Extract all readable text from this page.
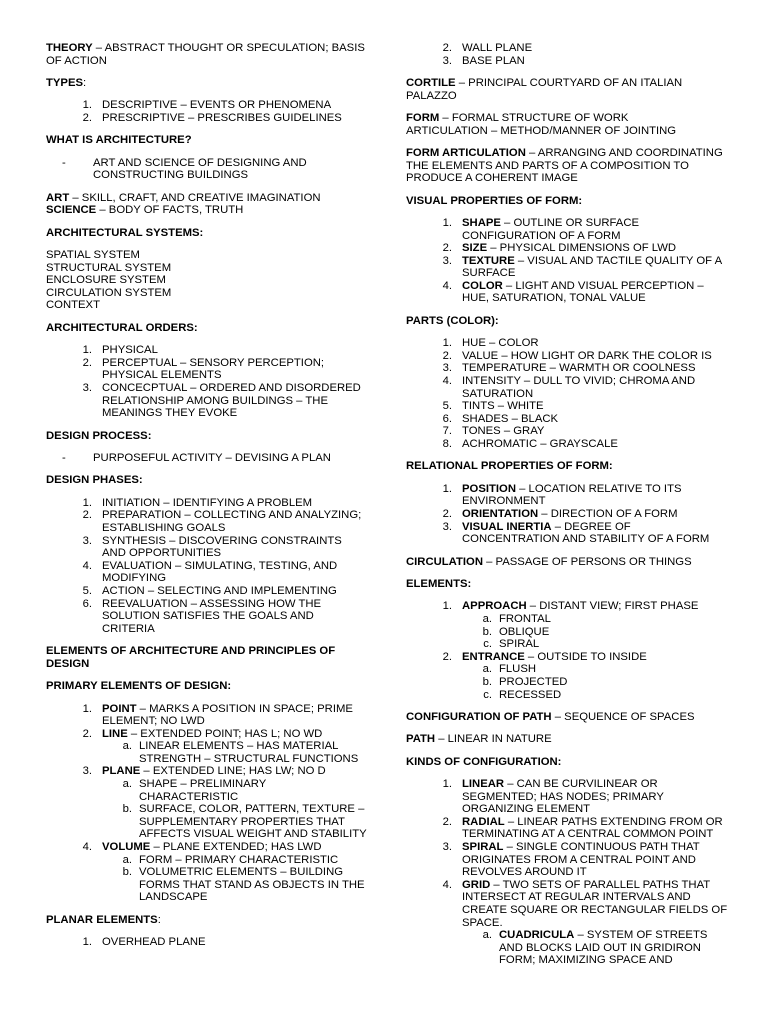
THEORY – ABSTRACT THOUGHT OR SPECULATION; BASIS OF ACTION

TYPES:

1. DESCRIPTIVE – EVENTS OR PHENOMENA
2. PRESCRIPTIVE – PRESCRIBES GUIDELINES

WHAT IS ARCHITECTURE?

-	ART AND SCIENCE OF DESIGNING AND CONSTRUCTING BUILDINGS

ART – SKILL, CRAFT, AND CREATIVE IMAGINATION

SCIENCE – BODY OF FACTS, TRUTH

ARCHITECTURAL SYSTEMS:

SPATIAL SYSTEM
STRUCTURAL SYSTEM
ENCLOSURE SYSTEM
CIRCULATION SYSTEM
CONTEXT

ARCHITECTURAL ORDERS:

1. PHYSICAL
2. PERCEPTUAL – SENSORY PERCEPTION; PHYSICAL ELEMENTS
3. CONCECPTUAL – ORDERED AND DISORDERED RELATIONSHIP AMONG BUILDINGS – THE MEANINGS THEY EVOKE

DESIGN PROCESS:

-	PURPOSEFUL ACTIVITY – DEVISING A PLAN

DESIGN PHASES:

1. INITIATION – IDENTIFYING A PROBLEM
2. PREPARATION – COLLECTING AND ANALYZING; ESTABLISHING GOALS
3. SYNTHESIS – DISCOVERING CONSTRAINTS AND OPPORTUNITIES
4. EVALUATION – SIMULATING, TESTING, AND MODIFYING
5. ACTION – SELECTING AND IMPLEMENTING
6. REEVALUATION – ASSESSING HOW THE SOLUTION SATISFIES THE GOALS AND CRITERIA

ELEMENTS OF ARCHITECTURE AND PRINCIPLES OF DESIGN

PRIMARY ELEMENTS OF DESIGN:

1. POINT – MARKS A POSITION IN SPACE; PRIME ELEMENT; NO LWD
2. LINE – EXTENDED POINT; HAS L; NO WD
a. LINEAR ELEMENTS – HAS MATERIAL STRENGTH – STRUCTURAL FUNCTIONS
3. PLANE – EXTENDED LINE; HAS LW; NO D
a. SHAPE – PRELIMINARY CHARACTERISTIC
b. SURFACE, COLOR, PATTERN, TEXTURE – SUPPLEMENTARY PROPERTIES THAT AFFECTS VISUAL WEIGHT AND STABILITY
4. VOLUME – PLANE EXTENDED; HAS LWD
a. FORM – PRIMARY CHARACTERISTIC
b. VOLUMETRIC ELEMENTS – BUILDING FORMS THAT STAND AS OBJECTS IN THE LANDSCAPE

PLANAR ELEMENTS:

1. OVERHEAD PLANE
2. WALL PLANE
3. BASE PLAN

CORTILE – PRINCIPAL COURTYARD OF AN ITALIAN PALAZZO

FORM – FORMAL STRUCTURE OF WORK

ARTICULATION – METHOD/MANNER OF JOINTING

FORM ARTICULATION – ARRANGING AND COORDINATING THE ELEMENTS AND PARTS OF A COMPOSITION TO PRODUCE A COHERENT IMAGE

VISUAL PROPERTIES OF FORM:

1. SHAPE – OUTLINE OR SURFACE CONFIGURATION OF A FORM
2. SIZE – PHYSICAL DIMENSIONS OF LWD
3. TEXTURE – VISUAL AND TACTILE QUALITY OF A SURFACE
4. COLOR – LIGHT AND VISUAL PERCEPTION – HUE, SATURATION, TONAL VALUE

PARTS (COLOR):

1. HUE – COLOR
2. VALUE – HOW LIGHT OR DARK THE COLOR IS
3. TEMPERATURE – WARMTH OR COOLNESS
4. INTENSITY – DULL TO VIVID; CHROMA AND SATURATION
5. TINTS – WHITE
6. SHADES – BLACK
7. TONES – GRAY
8. ACHROMATIC – GRAYSCALE

RELATIONAL PROPERTIES OF FORM:

1. POSITION – LOCATION RELATIVE TO ITS ENVIRONMENT
2. ORIENTATION – DIRECTION OF A FORM
3. VISUAL INERTIA – DEGREE OF CONCENTRATION AND STABILITY OF A FORM

CIRCULATION – PASSAGE OF PERSONS OR THINGS

ELEMENTS:

1. APPROACH – DISTANT VIEW; FIRST PHASE
a. FRONTAL
b. OBLIQUE
c. SPIRAL
2. ENTRANCE – OUTSIDE TO INSIDE
a. FLUSH
b. PROJECTED
c. RECESSED

CONFIGURATION OF PATH – SEQUENCE OF SPACES

PATH – LINEAR IN NATURE

KINDS OF CONFIGURATION:

1. LINEAR – CAN BE CURVILINEAR OR SEGMENTED; HAS NODES; PRIMARY ORGANIZING ELEMENT
2. RADIAL – LINEAR PATHS EXTENDING FROM OR TERMINATING AT A CENTRAL COMMON POINT
3. SPIRAL – SINGLE CONTINUOUS PATH THAT ORIGINATES FROM A CENTRAL POINT AND REVOLVES AROUND IT
4. GRID – TWO SETS OF PARALLEL PATHS THAT INTERSECT AT REGULAR INTERVALS AND CREATE SQUARE OR RECTANGULAR FIELDS OF SPACE.
a. CUADRICULA – SYSTEM OF STREETS AND BLOCKS LAID OUT IN GRIDIRON FORM; MAXIMIZING SPACE AND
